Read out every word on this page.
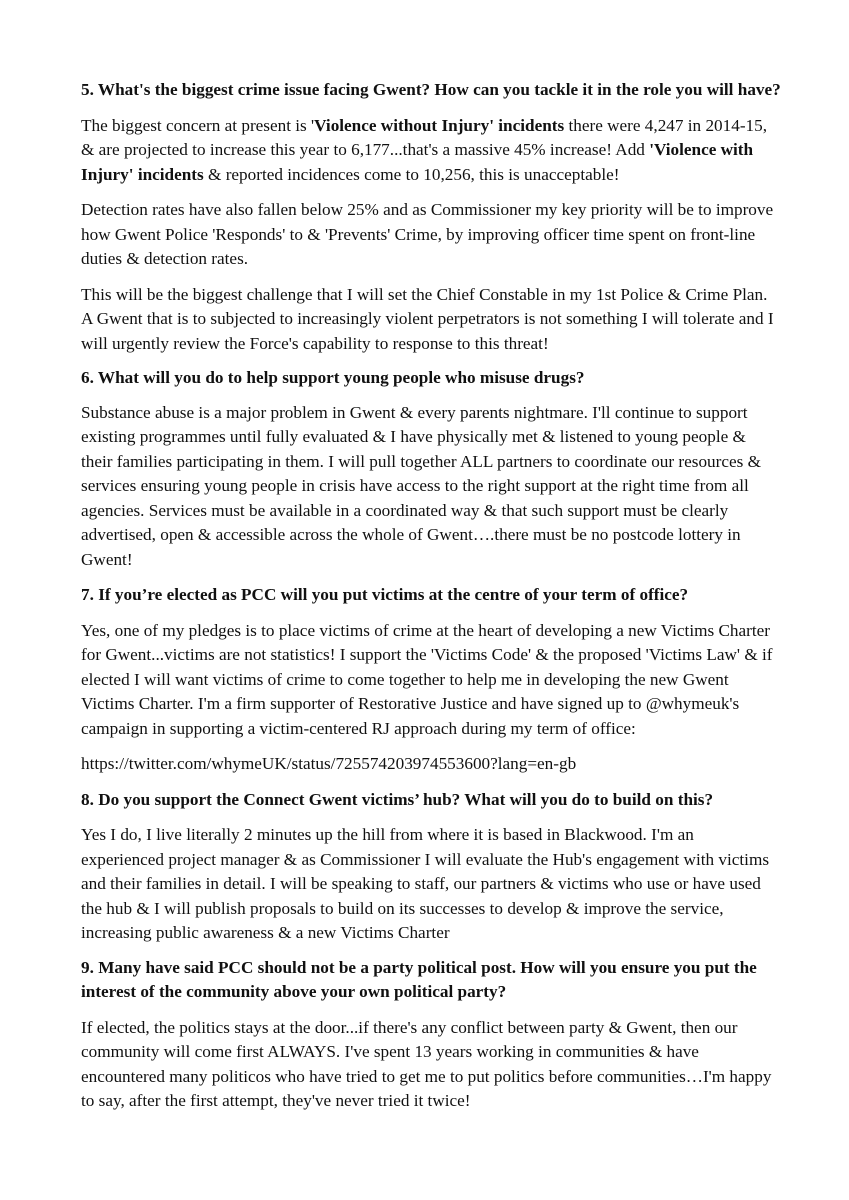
5. What's the biggest crime issue facing Gwent? How can you tackle it in the role you will have?

The biggest concern at present is 'Violence without Injury' incidents there were 4,247 in 2014-15, & are projected to increase this year to 6,177...that's a massive 45% increase! Add 'Violence with Injury' incidents & reported incidences come to 10,256, this is unacceptable!

Detection rates have also fallen below 25% and as Commissioner my key priority will be to improve how Gwent Police 'Responds' to & 'Prevents' Crime, by improving officer time spent on front-line duties & detection rates.

This will be the biggest challenge that I will set the Chief Constable in my 1st Police & Crime Plan. A Gwent that is to subjected to increasingly violent perpetrators is not something I will tolerate and I will urgently review the Force's capability to response to this threat!

6. What will you do to help support young people who misuse drugs?

Substance abuse is a major problem in Gwent & every parents nightmare. I'll continue to support existing programmes until fully evaluated & I have physically met & listened to young people & their families participating in them. I will pull together ALL partners to coordinate our resources & services ensuring young people in crisis have access to the right support at the right time from all agencies. Services must be available in a coordinated way & that such support must be clearly advertised, open & accessible across the whole of Gwent….there must be no postcode lottery in Gwent!

7. If you’re elected as PCC will you put victims at the centre of your term of office?

Yes, one of my pledges is to place victims of crime at the heart of developing a new Victims Charter for Gwent...victims are not statistics! I support the 'Victims Code' & the proposed 'Victims Law' & if elected I will want victims of crime to come together to help me in developing the new Gwent Victims Charter. I'm a firm supporter of Restorative Justice and have signed up to @whymeuk's campaign in supporting a victim-centered RJ approach during my term of office:

https://twitter.com/whymeUK/status/725574203974553600?lang=en-gb

8. Do you support the Connect Gwent victims’ hub? What will you do to build on this?

Yes I do, I live literally 2 minutes up the hill from where it is based in Blackwood. I'm an experienced project manager & as Commissioner I will evaluate the Hub's engagement with victims and their families in detail. I will be speaking to staff, our partners & victims who use or have used the hub & I will publish proposals to build on its successes to develop & improve the service, increasing public awareness & a new Victims Charter

9. Many have said PCC should not be a party political post. How will you ensure you put the interest of the community above your own political party?

If elected, the politics stays at the door...if there's any conflict between party & Gwent, then our community will come first ALWAYS. I've spent 13 years working in communities & have encountered many politicos who have tried to get me to put politics before communities…I'm happy to say, after the first attempt, they've never tried it twice!
